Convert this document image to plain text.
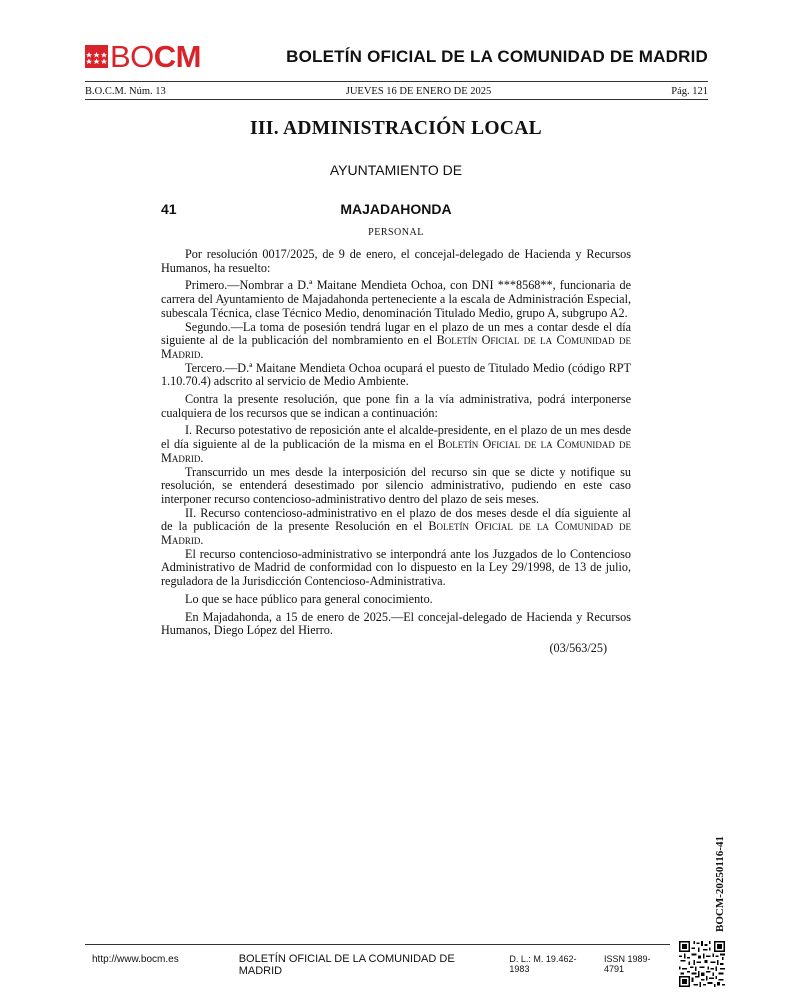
BOCM	BOLETÍN OFICIAL DE LA COMUNIDAD DE MADRID
B.O.C.M. Núm. 13	JUEVES 16 DE ENERO DE 2025	Pág. 121
III. ADMINISTRACIÓN LOCAL
AYUNTAMIENTO DE
MAJADAHONDA
41
PERSONAL

Por resolución 0017/2025, de 9 de enero, el concejal-delegado de Hacienda y Recursos Humanos, ha resuelto:

Primero.—Nombrar a D.ª Maitane Mendieta Ochoa, con DNI ***8568**, funcionaria de carrera del Ayuntamiento de Majadahonda perteneciente a la escala de Administración Especial, subescala Técnica, clase Técnico Medio, denominación Titulado Medio, grupo A, subgrupo A2.

Segundo.—La toma de posesión tendrá lugar en el plazo de un mes a contar desde el día siguiente al de la publicación del nombramiento en el Boletín Oficial de la Comunidad de Madrid.

Tercero.—D.ª Maitane Mendieta Ochoa ocupará el puesto de Titulado Medio (código RPT 1.10.70.4) adscrito al servicio de Medio Ambiente.

Contra la presente resolución, que pone fin a la vía administrativa, podrá interponerse cualquiera de los recursos que se indican a continuación:

I. Recurso potestativo de reposición ante el alcalde-presidente, en el plazo de un mes desde el día siguiente al de la publicación de la misma en el Boletín Oficial de la Comunidad de Madrid.

Transcurrido un mes desde la interposición del recurso sin que se dicte y notifique su resolución, se entenderá desestimado por silencio administrativo, pudiendo en este caso interponer recurso contencioso-administrativo dentro del plazo de seis meses.

II. Recurso contencioso-administrativo en el plazo de dos meses desde el día siguiente al de la publicación de la presente Resolución en el Boletín Oficial de la Comunidad de Madrid.

El recurso contencioso-administrativo se interpondrá ante los Juzgados de lo Contencioso Administrativo de Madrid de conformidad con lo dispuesto en la Ley 29/1998, de 13 de julio, reguladora de la Jurisdicción Contencioso-Administrativa.

Lo que se hace público para general conocimiento.

En Majadahonda, a 15 de enero de 2025.—El concejal-delegado de Hacienda y Recursos Humanos, Diego López del Hierro.

(03/563/25)

BOCM-20250116-41
http://www.bocm.es	BOLETÍN OFICIAL DE LA COMUNIDAD DE MADRID
D. L.: M. 19.462-1983
ISSN 1989-4791
